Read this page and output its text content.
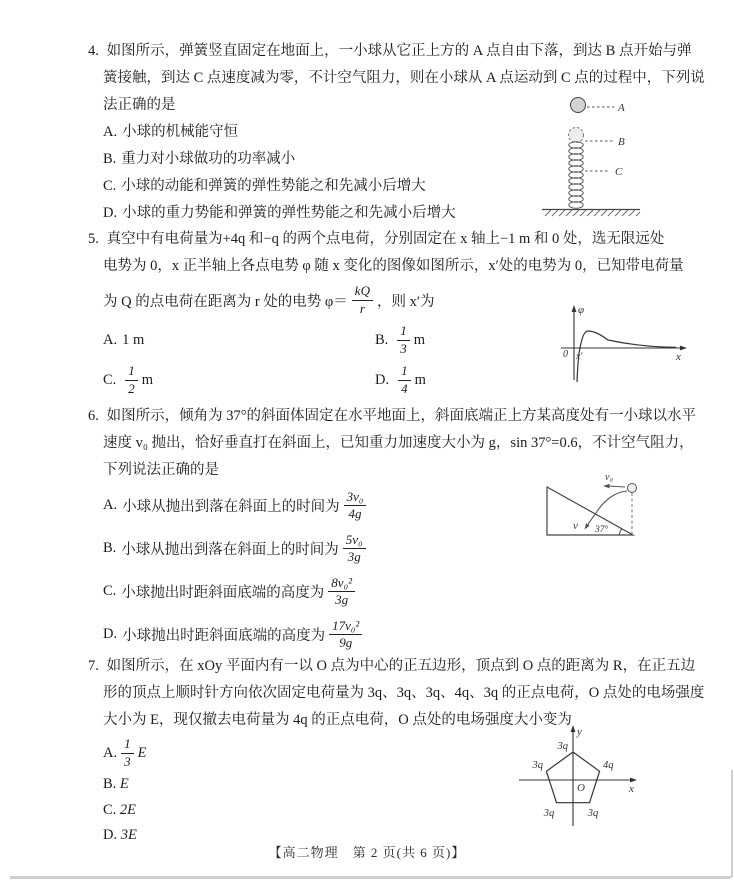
4. 如图所示，弹簧竖直固定在地面上，一小球从它正上方的 A 点自由下落，到达 B 点开始与弹
簧接触，到达 C 点速度减为零，不计空气阻力，则在小球从 A 点运动到 C 点的过程中，下列说
法正确的是
A. 小球的机械能守恒
B. 重力对小球做功的功率减小
C. 小球的动能和弹簧的弹性势能之和先减小后增大
D. 小球的重力势能和弹簧的弹性势能之和先减小后增大
A
B
C
5. 真空中有电荷量为+4q 和−q 的两个点电荷，分别固定在 x 轴上−1 m 和 0 处，选无限远处
电势为 0，x 正半轴上各点电势 φ 随 x 变化的图像如图所示，x′处的电势为 0，已知带电荷量
为 Q 的点电荷在距离为 r 处的电势 $\varphi= \frac{kQ}{r}$ ，则 x′为
A. 1 m	B. $\frac{1}{3}$ m
C. $\frac{1}{2}$ m	D. $\frac{1}{4}$ m
φ
0 x′	x
6. 如图所示，倾角为 37°的斜面体固定在水平地面上，斜面底端正上方某高度处有一小球以水平
速度 v₀ 抛出，恰好垂直打在斜面上，已知重力加速度大小为 g，sin 37°=0.6，不计空气阻力，
下列说法正确的是
A. 小球从抛出到落在斜面上的时间为 $\frac{\text{3v₀}}{4g}$
B. 小球从抛出到落在斜面上的时间为 $\frac{\text{5v₀}}{3g}$
C. 小球抛出时距斜面底端的高度为 $\frac{\text{8v₀²}}{3g}$
D. 小球抛出时距斜面底端的高度为 $\frac{\text{17v₀²}}{9g}$
v₀
v 37°
7. 如图所示，在 xOy 平面内有一以 O 点为中心的正五边形，顶点到 O 点的距离为 R，在正五边
形的顶点上顺时针方向依次固定电荷量为 3q、3q、3q、4q、3q 的正点电荷，O 点处的电场强度
大小为 E，现仅撤去电荷量为 4q 的正点电荷，O 点处的电场强度大小变为
A. $\frac{1}{3}$ E
B. E
C. 2E
D. 3E
y
x
O
3q
3q	4q
3q	3q
【高二物理　第 2 页(共 6 页)】
